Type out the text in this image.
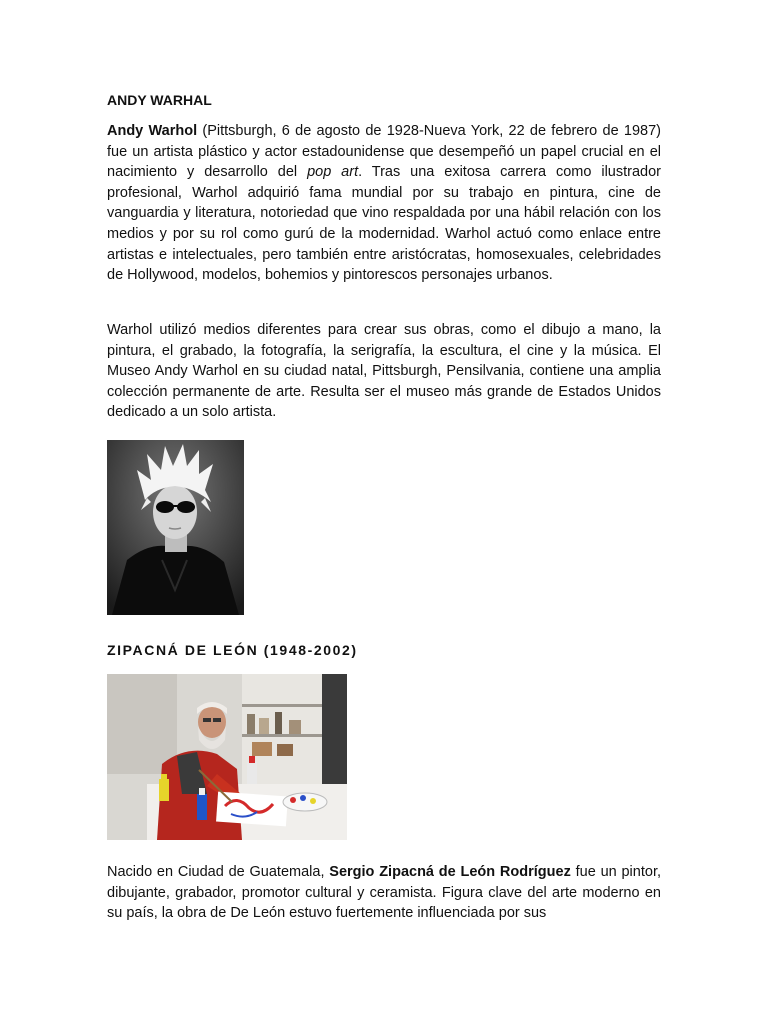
ANDY WARHAL

Andy Warhol (Pittsburgh, 6 de agosto de 1928-Nueva York, 22 de febrero de 1987) fue un artista plástico y actor estadounidense que desempeñó un papel crucial en el nacimiento y desarrollo del pop art. Tras una exitosa carrera como ilustrador profesional, Warhol adquirió fama mundial por su trabajo en pintura, cine de vanguardia y literatura, notoriedad que vino respaldada por una hábil relación con los medios y por su rol como gurú de la modernidad. Warhol actuó como enlace entre artistas e intelectuales, pero también entre aristócratas, homosexuales, celebridades de Hollywood, modelos, bohemios y pintorescos personajes urbanos.

Warhol utilizó medios diferentes para crear sus obras, como el dibujo a mano, la pintura, el grabado, la fotografía, la serigrafía, la escultura, el cine y la música. El Museo Andy Warhol en su ciudad natal, Pittsburgh, Pensilvania, contiene una amplia colección permanente de arte. Resulta ser el museo más grande de Estados Unidos dedicado a un solo artista.

ZIPACNÁ DE LEÓN (1948-2002)

Nacido en Ciudad de Guatemala, Sergio Zipacná de León Rodríguez fue un pintor, dibujante, grabador, promotor cultural y ceramista. Figura clave del arte moderno en su país, la obra de De León estuvo fuertemente influenciada por sus
